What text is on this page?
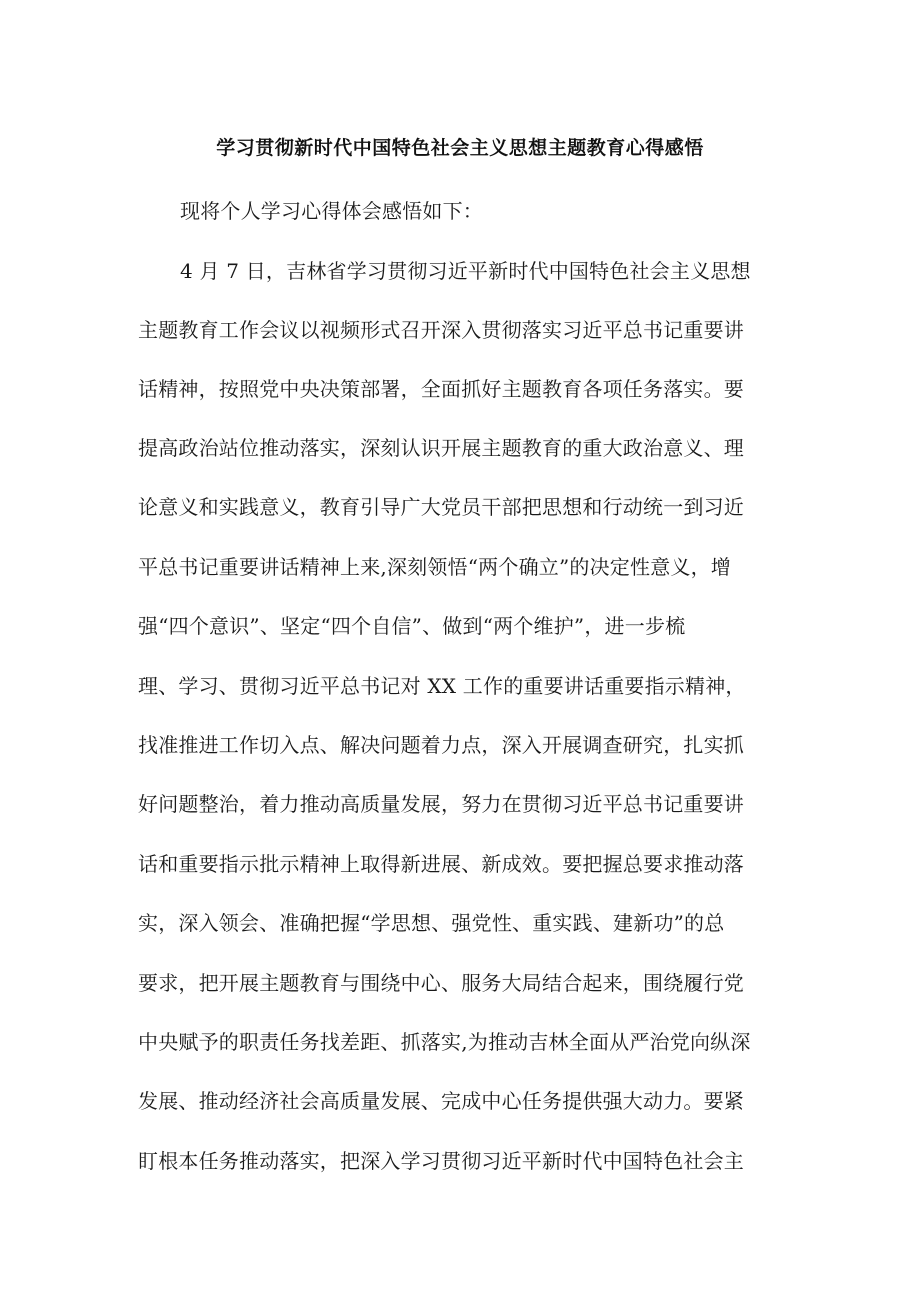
学习贯彻新时代中国特色社会主义思想主题教育心得感悟
现将个人学习心得体会感悟如下：
4 月 7 日，吉林省学习贯彻习近平新时代中国特色社会主义思想
主题教育工作会议以视频形式召开深入贯彻落实习近平总书记重要讲
话精神，按照党中央决策部署，全面抓好主题教育各项任务落实。要
提高政治站位推动落实，深刻认识开展主题教育的重大政治意义、理
论意义和实践意义，教育引导广大党员干部把思想和行动统一到习近
平总书记重要讲话精神上来,深刻领悟“两个确立”的决定性意义，增
强“四个意识”、坚定“四个自信”、做到“两个维护”，进一步梳
理、学习、贯彻习近平总书记对 XX 工作的重要讲话重要指示精神，
找准推进工作切入点、解决问题着力点，深入开展调查研究，扎实抓
好问题整治，着力推动高质量发展，努力在贯彻习近平总书记重要讲
话和重要指示批示精神上取得新进展、新成效。要把握总要求推动落
实，深入领会、准确把握“学思想、强党性、重实践、建新功”的总
要求，把开展主题教育与围绕中心、服务大局结合起来，围绕履行党
中央赋予的职责任务找差距、抓落实,为推动吉林全面从严治党向纵深
发展、推动经济社会高质量发展、完成中心任务提供强大动力。要紧
盯根本任务推动落实，把深入学习贯彻习近平新时代中国特色社会主
